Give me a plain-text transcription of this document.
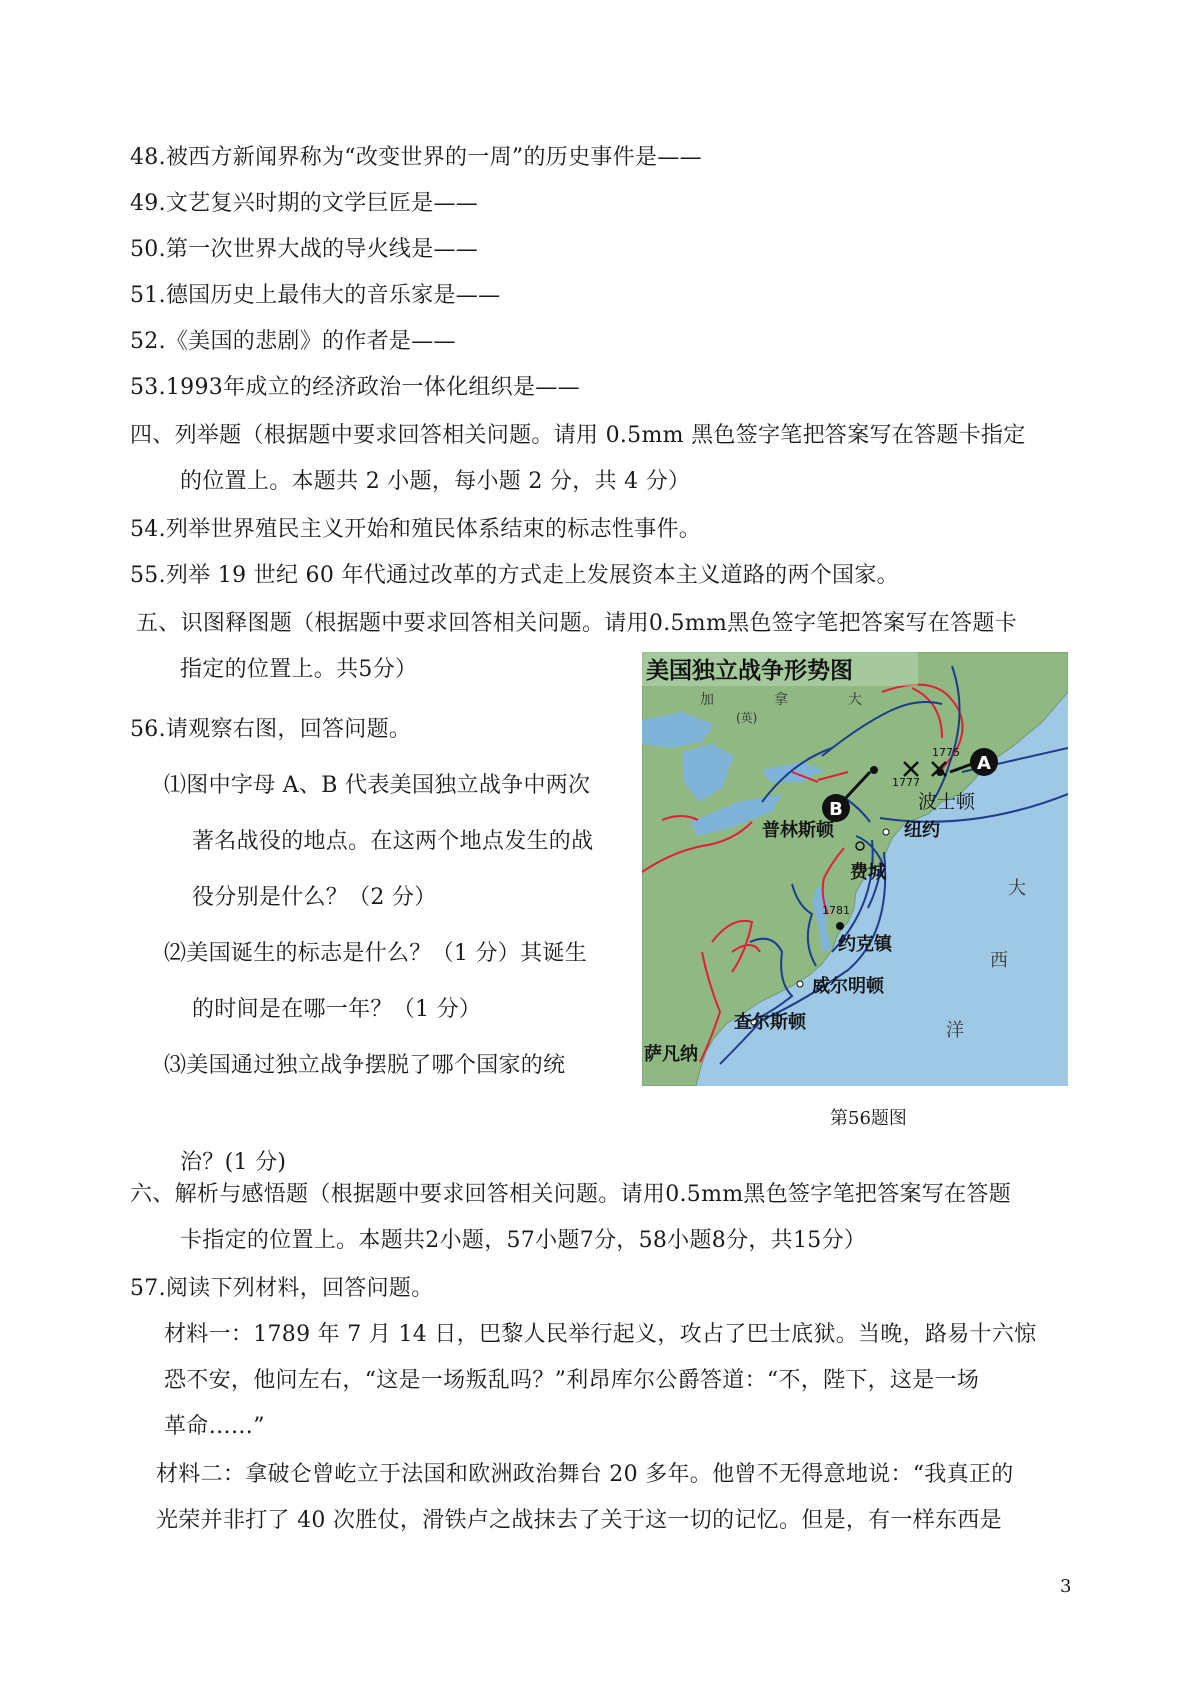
48.被西方新闻界称为“改变世界的一周”的历史事件是——
49.文艺复兴时期的文学巨匠是——
50.第一次世界大战的导火线是——
51.德国历史上最伟大的音乐家是——
52.《美国的悲剧》的作者是——
53.1993年成立的经济政治一体化组织是——
四、列举题（根据题中要求回答相关问题。请用 0.5mm 黑色签字笔把答案写在答题卡指定
的位置上。本题共 2 小题，每小题 2 分，共 4 分）
54.列举世界殖民主义开始和殖民体系结束的标志性事件。
55.列举 19 世纪 60 年代通过改革的方式走上发展资本主义道路的两个国家。
五、识图释图题（根据题中要求回答相关问题。请用0.5mm黑色签字笔把答案写在答题卡
指定的位置上。共5分）
56.请观察右图，回答问题。
⑴图中字母 A、B 代表美国独立战争中两次
著名战役的地点。在这两个地点发生的战
役分别是什么？（2 分）
⑵美国诞生的标志是什么？（1 分）其诞生
的时间是在哪一年？（1 分）
⑶美国通过独立战争摆脱了哪个国家的统
治？(1 分)
六、解析与感悟题（根据题中要求回答相关问题。请用0.5mm黑色签字笔把答案写在答题
卡指定的位置上。本题共2小题，57小题7分，58小题8分，共15分）
57.阅读下列材料，回答问题。
材料一：1789 年 7 月 14 日，巴黎人民举行起义，攻占了巴士底狱。当晚，路易十六惊
恐不安，他问左右，“这是一场叛乱吗？”利昂库尔公爵答道：“不，陛下，这是一场
革命……”
材料二：拿破仑曾屹立于法国和欧洲政治舞台 20 多年。他曾不无得意地说：“我真正的
光荣并非打了 40 次胜仗，滑铁卢之战抹去了关于这一切的记忆。但是，有一样东西是
A
B
美国独立战争形势图
加	拿	大
(英)
1775
1777
1781
波士顿
普林斯顿	纽约
费城
约克镇
威尔明顿
查尔斯顿
萨凡纳
大
西
洋
第56题图
3
